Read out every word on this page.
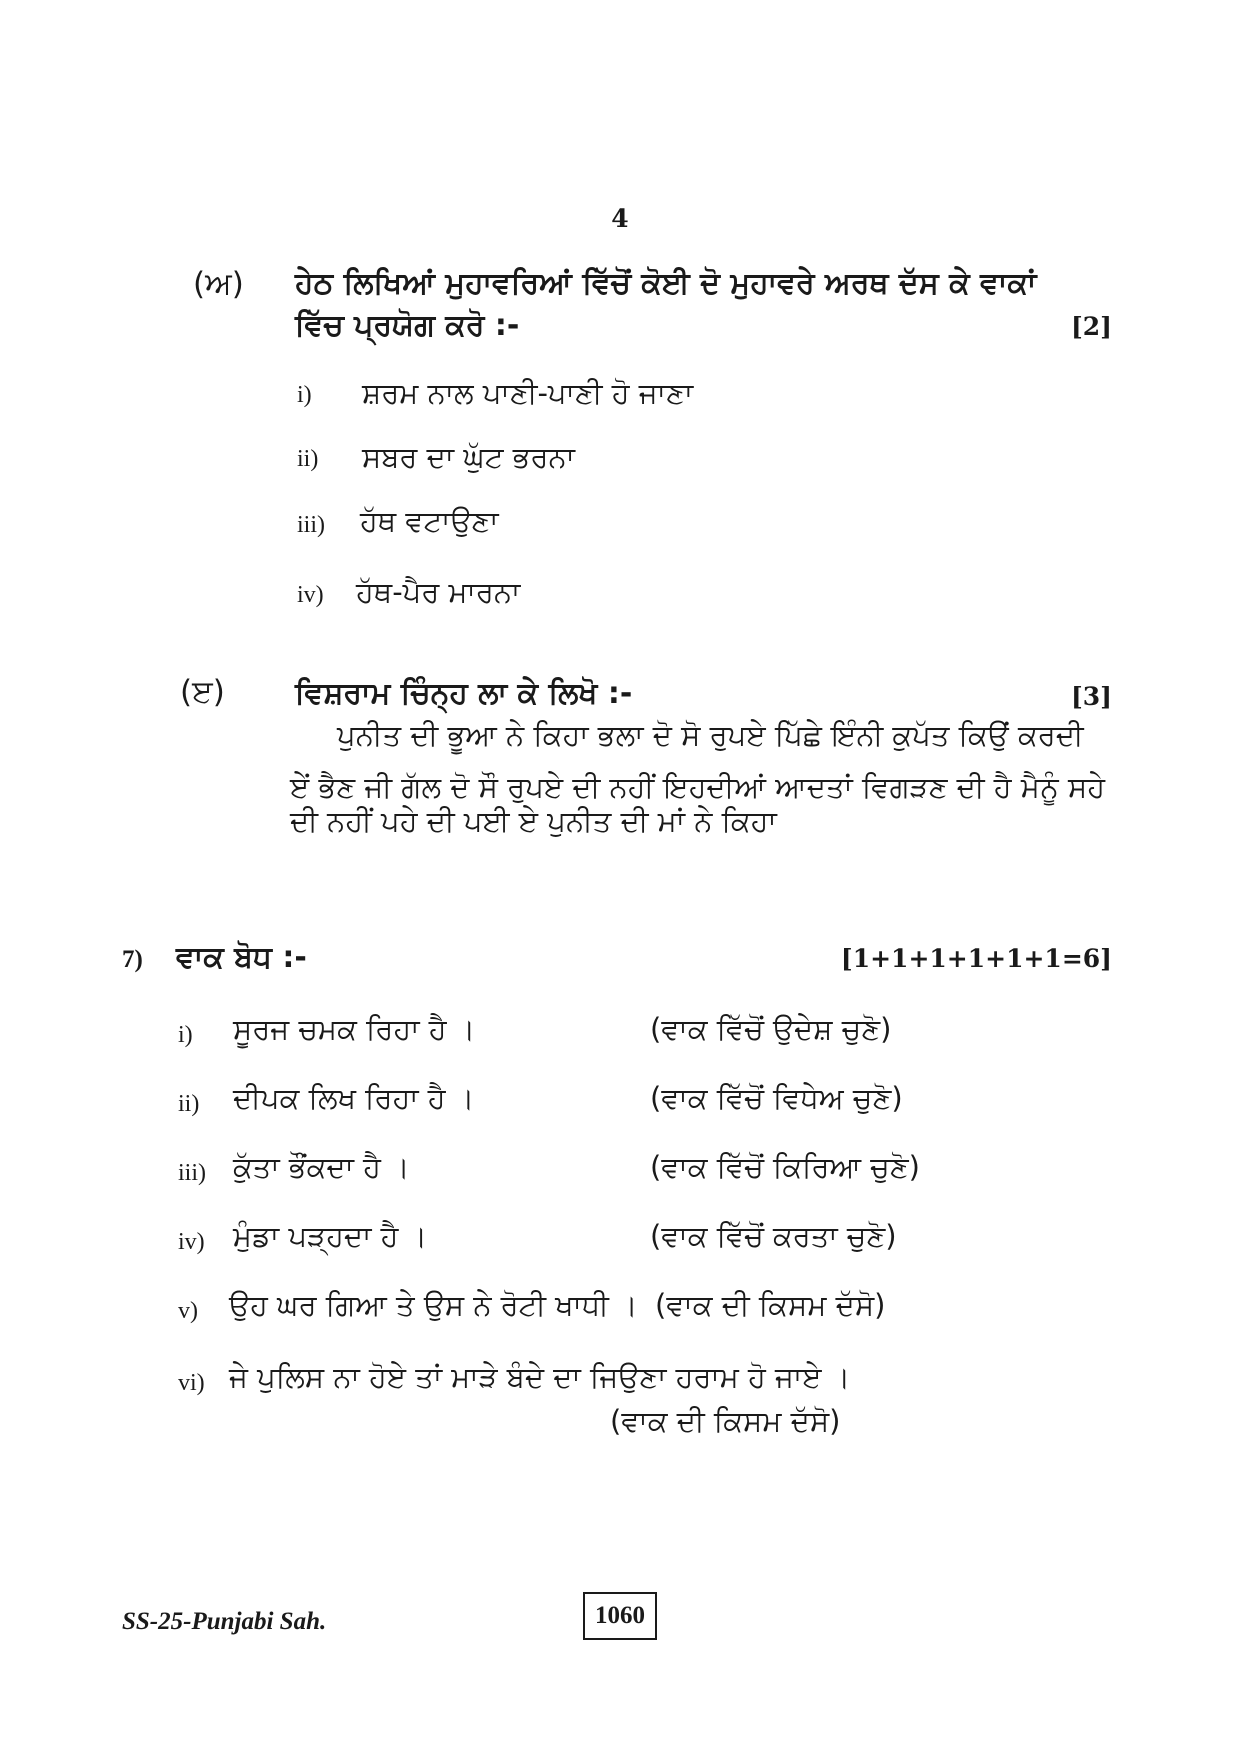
4
(ਅ) ਹੇਠ ਲਿਖਿਆਂ ਮੁਹਾਵਰਿਆਂ ਵਿੱਚੋਂ ਕੋਈ ਦੋ ਮੁਹਾਵਰੇ ਅਰਥ ਦੱਸ ਕੇ ਵਾਕਾਂ
ਵਿੱਚ ਪ੍ਰਯੋਗ ਕਰੋ :-	[2]
i) ਸ਼ਰਮ ਨਾਲ ਪਾਣੀ-ਪਾਣੀ ਹੋ ਜਾਣਾ
ii) ਸਬਰ ਦਾ ਘੁੱਟ ਭਰਨਾ
iii) ਹੱਥ ਵਟਾਉਣਾ
iv) ਹੱਥ-ਪੈਰ ਮਾਰਨਾ
(ੲ) ਵਿਸ਼ਰਾਮ ਚਿੰਨ੍ਹ ਲਾ ਕੇ ਲਿਖੋ :-	[3]
ਪੁਨੀਤ ਦੀ ਭੂਆ ਨੇ ਕਿਹਾ ਭਲਾ ਦੋ ਸੋ ਰੁਪਏ ਪਿੱਛੇ ਇੰਨੀ ਕੁਪੱਤ ਕਿਉਂ ਕਰਦੀ
ਏਂ ਭੈਣ ਜੀ ਗੱਲ ਦੋ ਸੌ ਰੁਪਏ ਦੀ ਨਹੀਂ ਇਹਦੀਆਂ ਆਦਤਾਂ ਵਿਗੜਣ ਦੀ ਹੈ ਮੈਨੂੰ ਸਹੇ
ਦੀ ਨਹੀਂ ਪਹੇ ਦੀ ਪਈ ਏ ਪੁਨੀਤ ਦੀ ਮਾਂ ਨੇ ਕਿਹਾ
7) ਵਾਕ ਬੋਧ :-	[1+1+1+1+1+1=6]
i) ਸੂਰਜ ਚਮਕ ਰਿਹਾ ਹੈ ।	(ਵਾਕ ਵਿੱਚੋਂ ਉਦੇਸ਼ ਚੁਣੋ)
ii) ਦੀਪਕ ਲਿਖ ਰਿਹਾ ਹੈ ।	(ਵਾਕ ਵਿੱਚੋਂ ਵਿਧੇਅ ਚੁਣੋ)
iii) ਕੁੱਤਾ ਭੌਂਕਦਾ ਹੈ ।	(ਵਾਕ ਵਿੱਚੋਂ ਕਿਰਿਆ ਚੁਣੋ)
iv) ਮੁੰਡਾ ਪੜ੍ਹਦਾ ਹੈ ।	(ਵਾਕ ਵਿੱਚੋਂ ਕਰਤਾ ਚੁਣੋ)
v) ਉਹ ਘਰ ਗਿਆ ਤੇ ਉਸ ਨੇ ਰੋਟੀ ਖਾਧੀ । (ਵਾਕ ਦੀ ਕਿਸਮ ਦੱਸੋ)
vi) ਜੇ ਪੁਲਿਸ ਨਾ ਹੋਏ ਤਾਂ ਮਾੜੇ ਬੰਦੇ ਦਾ ਜਿਉਣਾ ਹਰਾਮ ਹੋ ਜਾਏ ।
(ਵਾਕ ਦੀ ਕਿਸਮ ਦੱਸੋ)
SS-25-Punjabi Sah.	1060
